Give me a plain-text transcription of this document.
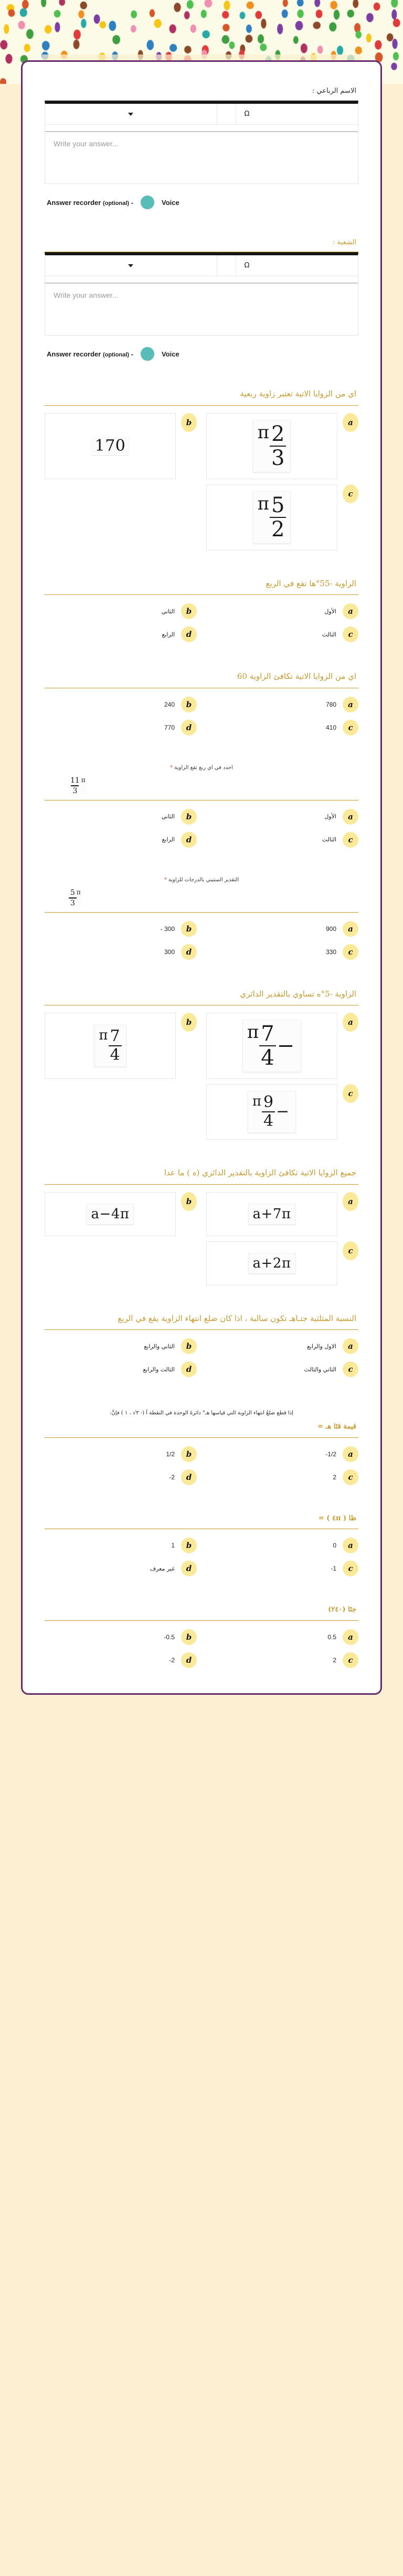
الاسم الرباعي :
Ω
Write your answer...
Answer recorder (optional) -	Voice
الشعبة :
Ω
Write your answer...
Answer recorder (optional) -	Voice
اي من الزوايا الاتية تعتبر زاوية ربعية
a
$\frac{2}{3}$
π
b
170
c
$\frac{5}{2}$
π
الزاوية -55°ها تقع في الربع
a
الأول
b
الثاني
c
الثالث
d
الرابع
اي من الزوايا الاتية تكافئ الزاوية 60
a
780
b
240
c
410
d
770
احدد في اي ربع تقع الزاوية *
$\frac{11}{3}$ π
a
الأول
b
الثاني
c
الثالث
d
الرابع
التقدير الستيني بالدرجات للزاوية *
$\frac{5}{3}$ π
a
900
b
- 300
c
330
d
300
الزاوية -5°ه تساوي بالتقدير الدائري
a
−
$\frac{7}{4}$
π
b
$\frac{7}{4}$
π
c
−
$\frac{9}{4}$
π
جميع الزوايا الاتية تكافئ الزاوية بالتقدير الدائري (ه ) ما عدا
a
a+7π
b
a−4π
c
a+2π
النسبة المثلثية جتـاهـ تكون سالبة ، اذا كان ضلع انتهاء الزاوية يقع في الربع
a
الاول والرابع
b
الثاني والرابع
c
الثاني والثالث
d
الثالث والرابع
إذا قطع ضلعُ انتهاء الزاوية التي قياسها هـ° دائرةَ الوحدة في النقطة أ (- ٣√ ، ١ ) فإنَّ:
قيمة قتَا هـ =
a
-1/2
b
1/2
c
2
d
-2
ظا ( ٤π ) =
a
0
b
1
c
-1
d
غير معرف
جتَا (٢٤٠)
a
0.5
b
-0.5
c
2
d
-2
